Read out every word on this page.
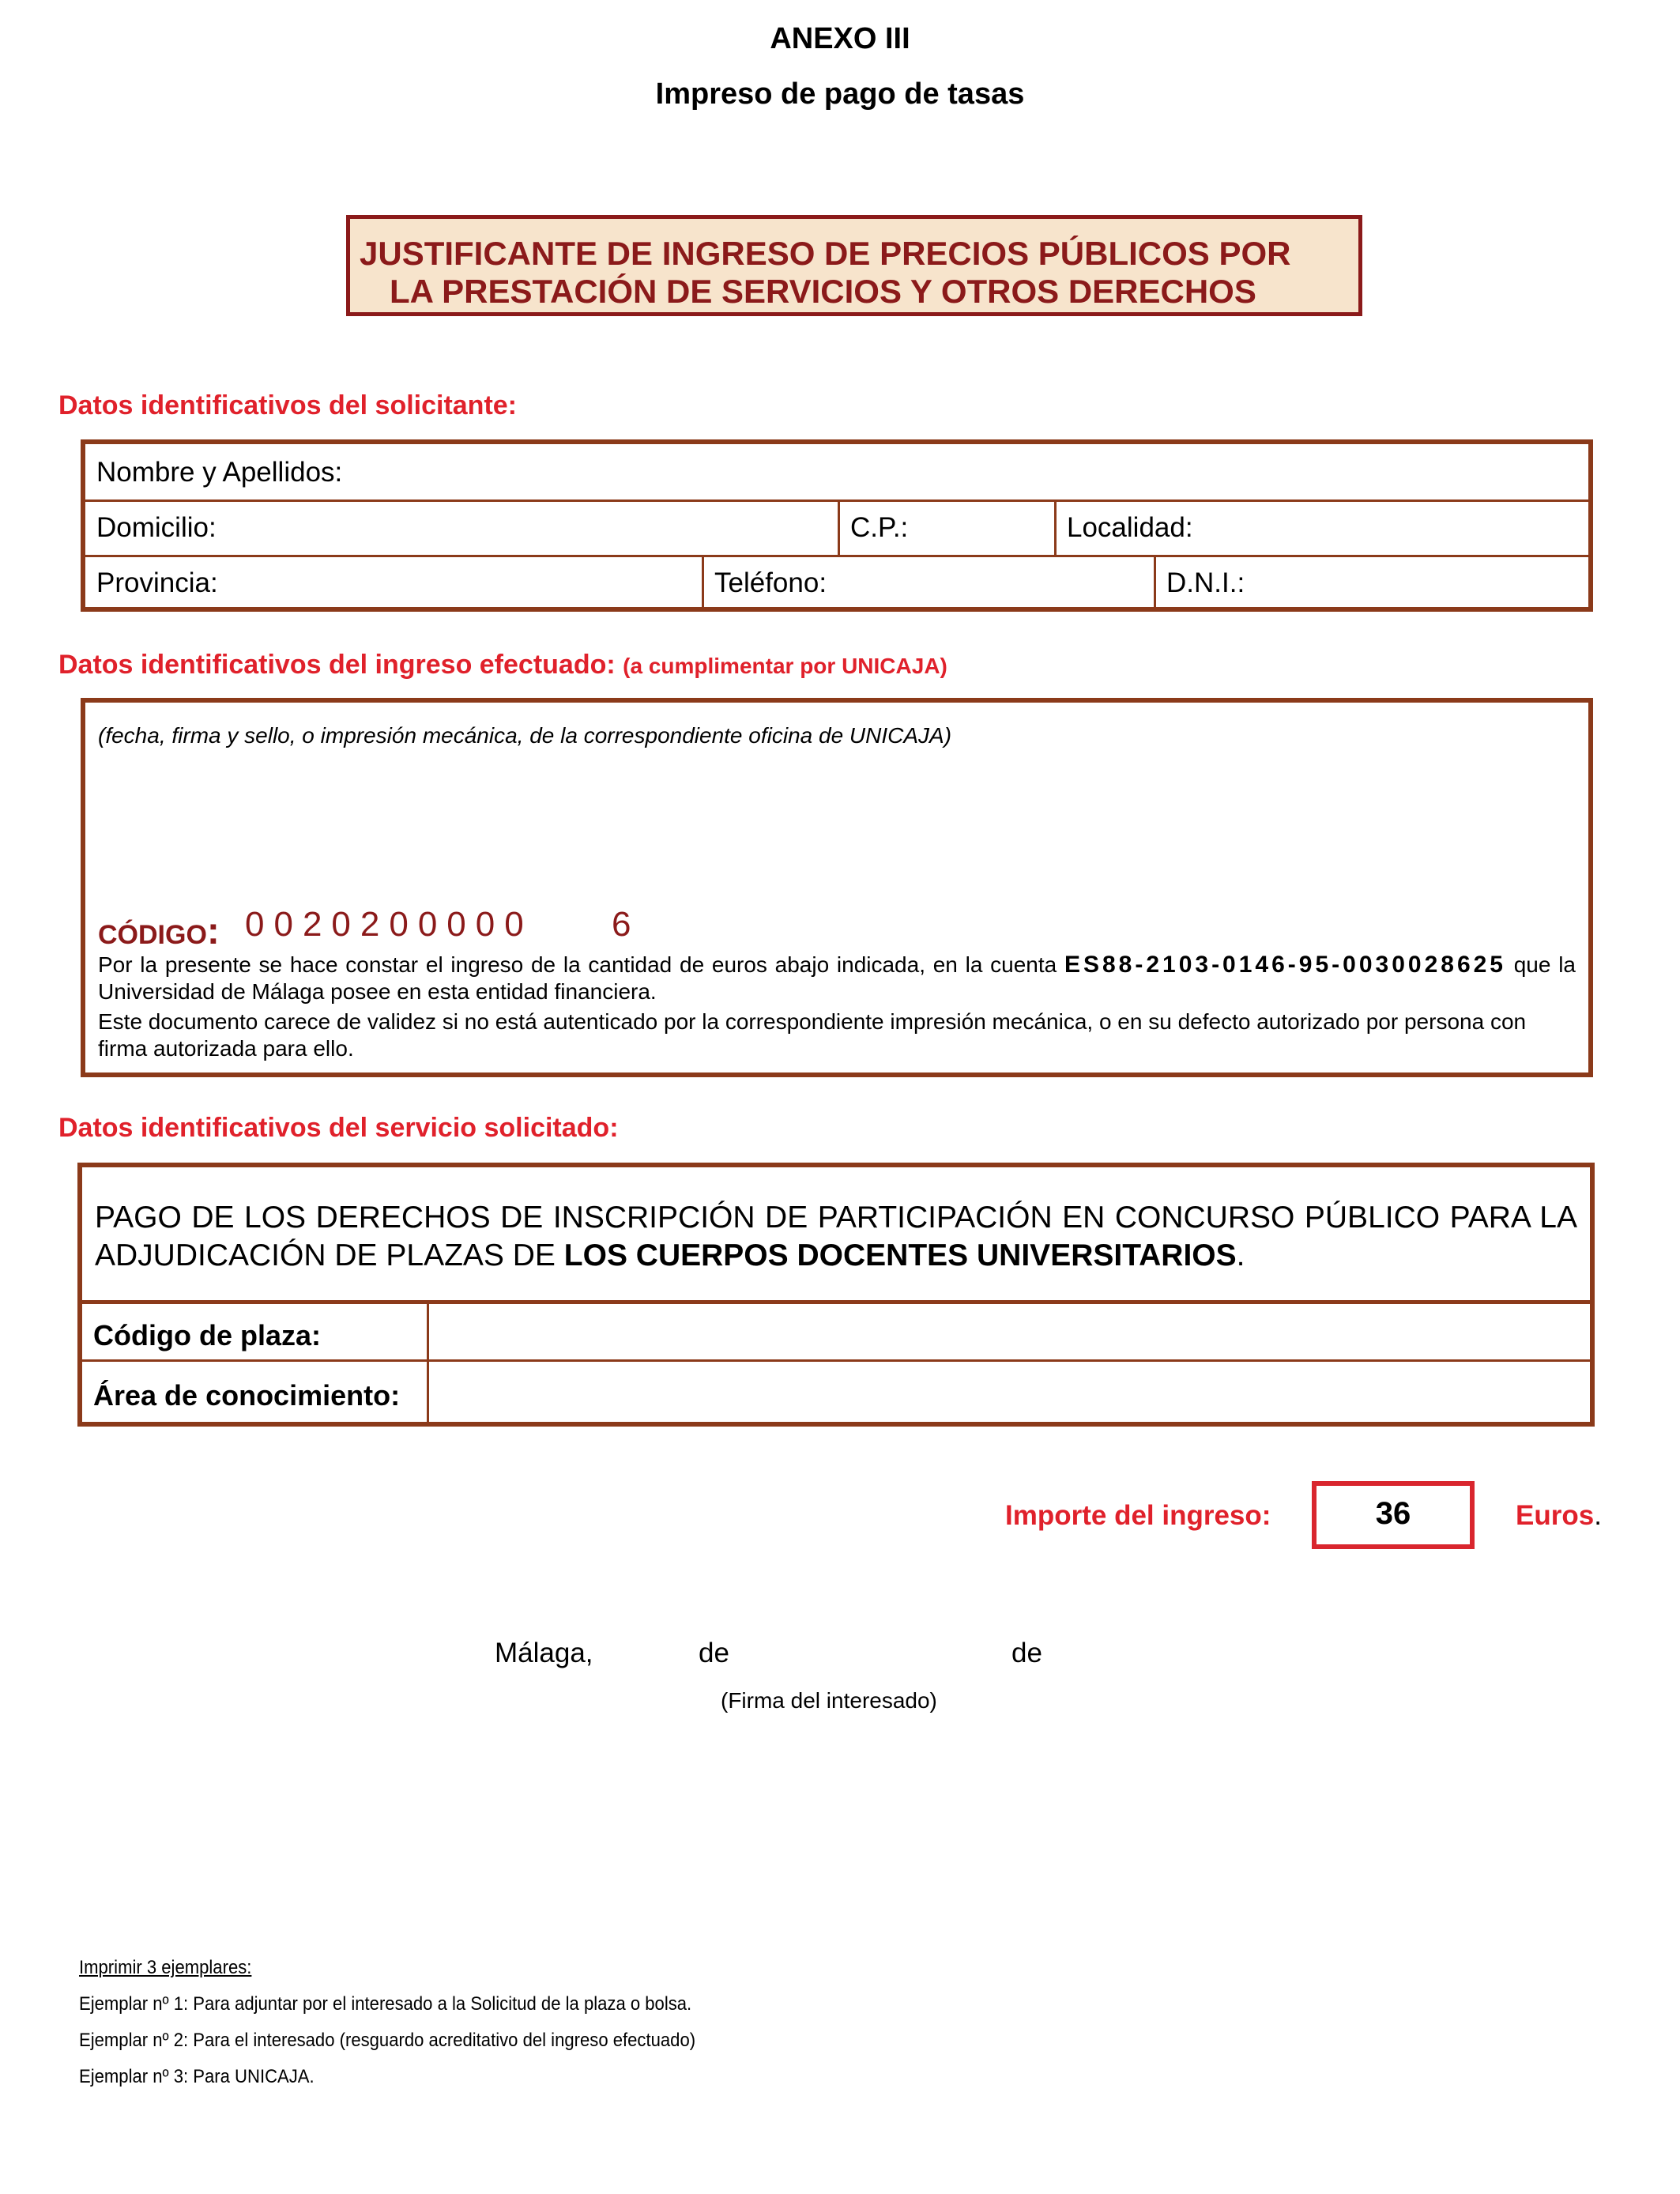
ANEXO III
Impreso de pago de tasas
JUSTIFICANTE DE INGRESO DE PRECIOS PÚBLICOS POR
LA PRESTACIÓN DE SERVICIOS Y OTROS DERECHOS
Datos identificativos del solicitante:
Nombre y Apellidos:
Domicilio:	C.P.:	Localidad:
Provincia:	Teléfono:	D.N.I.:
Datos identificativos del ingreso efectuado: (a cumplimentar por UNICAJA)
(fecha, firma y sello, o impresión mecánica, de la correspondiente oficina de UNICAJA)
CÓDIGO: 0020200000 6
Por la presente se hace constar el ingreso de la cantidad de euros abajo indicada, en la cuenta ES88-2103-0146-95-0030028625 que la Universidad de Málaga posee en esta entidad financiera.
Este documento carece de validez si no está autenticado por la correspondiente impresión mecánica, o en su defecto autorizado por persona con firma autorizada para ello.
Datos identificativos del servicio solicitado:
PAGO DE LOS DERECHOS DE INSCRIPCIÓN DE PARTICIPACIÓN EN CONCURSO PÚBLICO PARA LA ADJUDICACIÓN DE PLAZAS DE LOS CUERPOS DOCENTES UNIVERSITARIOS.
Código de plaza:
Área de conocimiento:
Importe del ingreso:	36	Euros.
Málaga,	de	de
(Firma del interesado)
Imprimir 3 ejemplares:
Ejemplar nº 1: Para adjuntar por el interesado a la Solicitud de la plaza o bolsa.
Ejemplar nº 2: Para el interesado (resguardo acreditativo del ingreso efectuado)
Ejemplar nº 3: Para UNICAJA.
